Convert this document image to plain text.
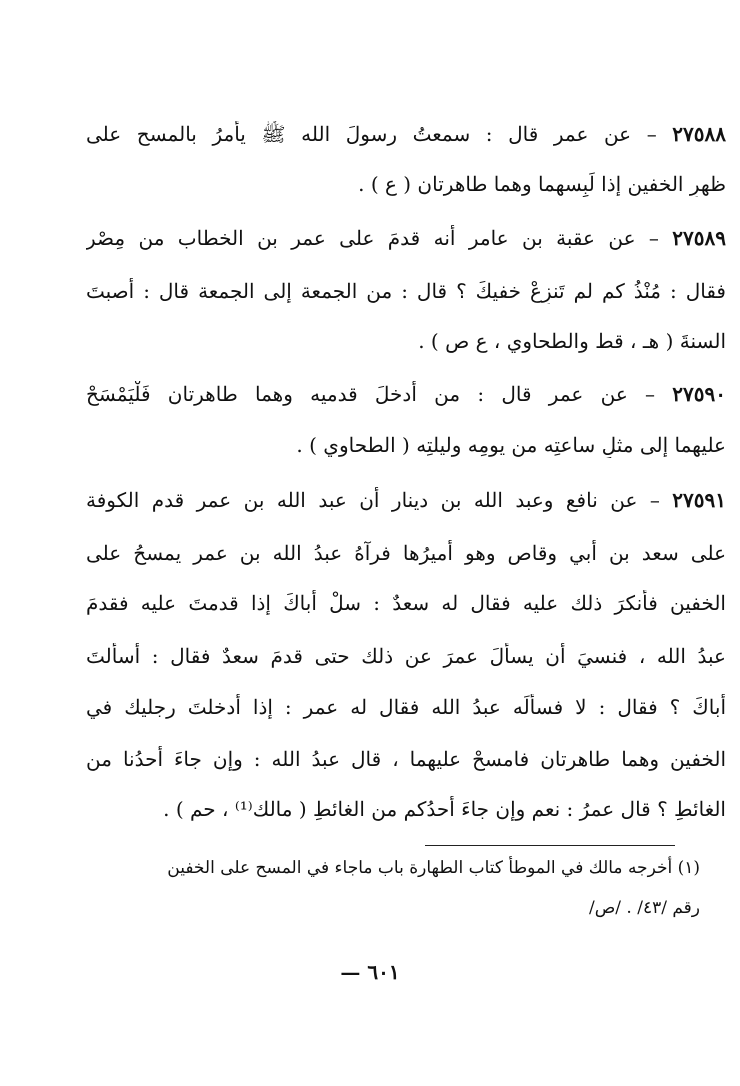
٢٧٥٨٨ – عن عمر قال : سمعتُ رسولَ الله ﷺ يأمرُ بالمسح على
ظهرِ الخفين إذا لَبِسهما وهما طاهرتان ( ع ) .
٢٧٥٨٩ – عن عقبة بن عامر أنه قدمَ على عمر بن الخطاب من مِصْر
فقال : مُنْذُ كم لم تَنزِعْ خفيكَ ؟ قال : من الجمعة إلى الجمعة قال : أصبتَ
السنةَ ( هـ ، قط والطحاوي ، ع ص ) .
٢٧٥٩٠ – عن عمر قال : من أدخلَ قدميه وهما طاهرتان فَلْيَمْسَحْ
عليهما إلى مثلِ ساعتِه من يومِه وليلتِه ( الطحاوي ) .
٢٧٥٩١ – عن نافع وعبد الله بن دينار أن عبد الله بن عمر قدم الكوفة
على سعد بن أبي وقاص وهو أميرُها فرآهُ عبدُ الله بن عمر يمسحُ على
الخفين فأنكرَ ذلك عليه فقال له سعدٌ : سلْ أباكَ إذا قدمتَ عليه فقدمَ
عبدُ الله ، فنسيَ أن يسألَ عمرَ عن ذلك حتى قدمَ سعدٌ فقال : أسألتَ
أباكَ ؟ فقال : لا فسألَه عبدُ الله فقال له عمر : إذا أدخلتَ رجليك في
الخفين وهما طاهرتان فامسحْ عليهما ، قال عبدُ الله : وإن جاءَ أحدُنا من
الغائطِ ؟ قال عمرُ : نعم وإن جاءَ أحدُكم من الغائطِ ( مالك⁽¹⁾ ، حم ) .
(١) أخرجه مالك في الموطأ كتاب الطهارة باب ماجاء في المسح على الخفين
رقم /٤٣/ . /ص/
٦٠١ —
